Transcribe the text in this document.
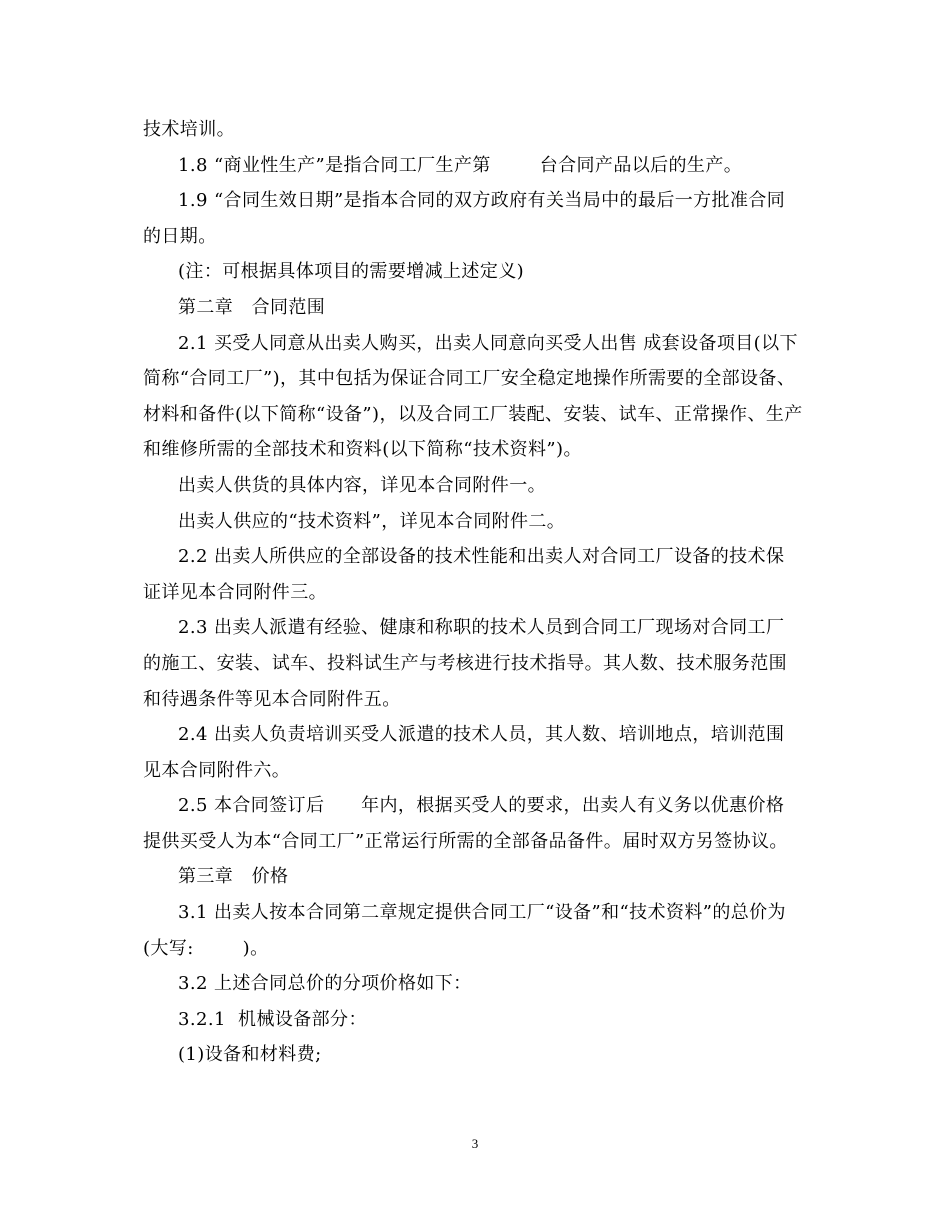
技术培训。
1.8 “商业性生产”是指合同工厂生产第        台合同产品以后的生产。
1.9 “合同生效日期”是指本合同的双方政府有关当局中的最后一方批准合同
的日期。
(注：可根据具体项目的需要增减上述定义)
第二章   合同范围
2.1 买受人同意从出卖人购买，出卖人同意向买受人出售 成套设备项目(以下
简称“合同工厂”)，其中包括为保证合同工厂安全稳定地操作所需要的全部设备、
材料和备件(以下简称“设备”)，以及合同工厂装配、安装、试车、正常操作、生产
和维修所需的全部技术和资料(以下简称“技术资料”)。
出卖人供货的具体内容，详见本合同附件一。
出卖人供应的“技术资料”，详见本合同附件二。
2.2 出卖人所供应的全部设备的技术性能和出卖人对合同工厂设备的技术保
证详见本合同附件三。
2.3 出卖人派遣有经验、健康和称职的技术人员到合同工厂现场对合同工厂
的施工、安装、试车、投料试生产与考核进行技术指导。其人数、技术服务范围
和待遇条件等见本合同附件五。
2.4 出卖人负责培训买受人派遣的技术人员，其人数、培训地点，培训范围
见本合同附件六。
2.5 本合同签订后      年内，根据买受人的要求，出卖人有义务以优惠价格
提供买受人为本“合同工厂”正常运行所需的全部备品备件。届时双方另签协议。
第三章   价格
3.1 出卖人按本合同第二章规定提供合同工厂“设备”和“技术资料”的总价为
(大写:        )。
3.2 上述合同总价的分项价格如下：
3.2.1  机械设备部分：
(1)设备和材料费;
3
